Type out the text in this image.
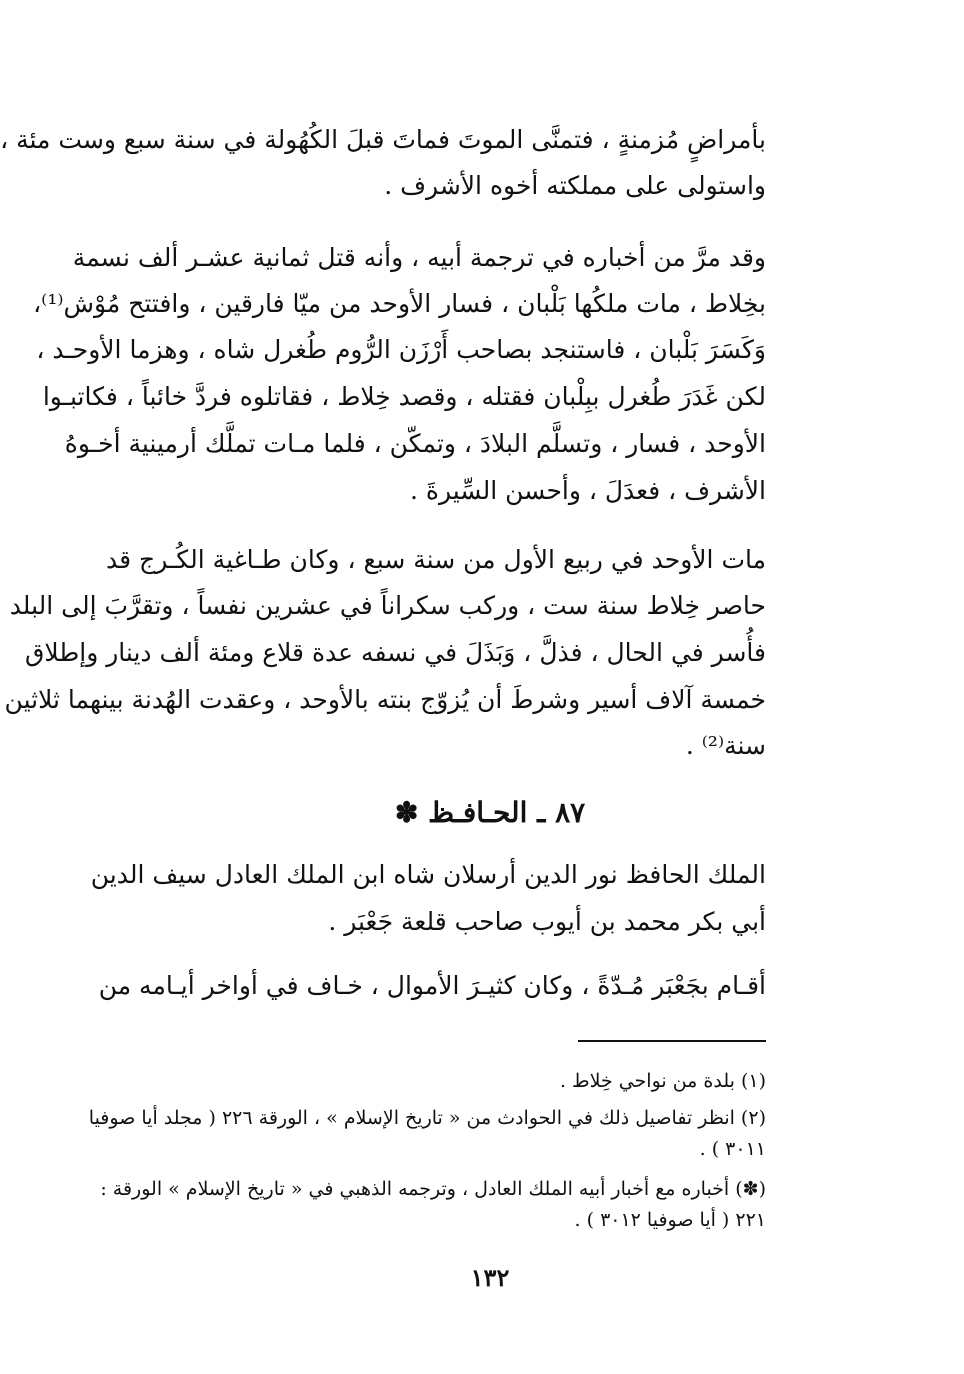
بأمراضٍ مُزمنةٍ ، فتمنَّى الموتَ فماتَ قبلَ الكُهُولة في سنة سبع وست مئة ،

واستولى على مملكته أخوه الأشرف .

وقد مرَّ من أخباره في ترجمة أبيه ، وأنه قتل ثمانية عشـر ألف نسمة

بخِلاط ، مات ملكُها بَلْبان ، فسار الأوحد من ميّا فارقين ، وافتتح مُوْش⁽¹⁾،

وَكَسَرَ بَلْبان ، فاستنجد بصاحب أَرْزَن الرُّوم طُغرل شاه ، وهزما الأوحـد ،

لكن غَدَرَ طُغرل ببِلْبان فقتله ، وقصد خِلاط ، فقاتلوه فردَّ خائباً ، فكاتبـوا

الأوحد ، فسار ، وتسلَّم البلادَ ، وتمكّن ، فلما مـات تملَّك أرمينية أخـوهُ

الأشرف ، فعدَلَ ، وأحسن السِّيرةَ .

مات الأوحد في ربيع الأول من سنة سبع ، وكان طـاغية الكُـرج قد

حاصر خِلاط سنة ست ، وركب سكراناً في عشرين نفساً ، وتقرَّبَ إلى البلد

فأُسر في الحال ، فذلَّ ، وَبَذَلَ في نسفه عدة قلاع ومئة ألف دينار وإطلاق

خمسة آلاف أسير وشرطَ أن يُزوّج بنته بالأوحد ، وعقدت الهُدنة بينهما ثلاثين

سنة⁽²⁾ .

٨٧ ـ الحـافـظ ✽

الملك الحافظ نور الدين أرسلان شاه ابن الملك العادل سيف الدين

أبي بكر محمد بن أيوب صاحب قلعة جَعْبَر .

أقـام بجَعْبَر مُـدّةً ، وكان كثيـرَ الأموال ، خـاف في أواخر أيـامه من

(١) بلدة من نواحي خِلاط .

(٢) انظر تفاصيل ذلك في الحوادث من « تاريخ الإسلام » ، الورقة ٢٢٦ ( مجلد أيا صوفيا

٣٠١١ ) .

(✽) أخباره مع أخبار أبيه الملك العادل ، وترجمه الذهبي في « تاريخ الإسلام » الورقة :

٢٢١ ( أيا صوفيا ٣٠١٢ ) .

١٣٢
